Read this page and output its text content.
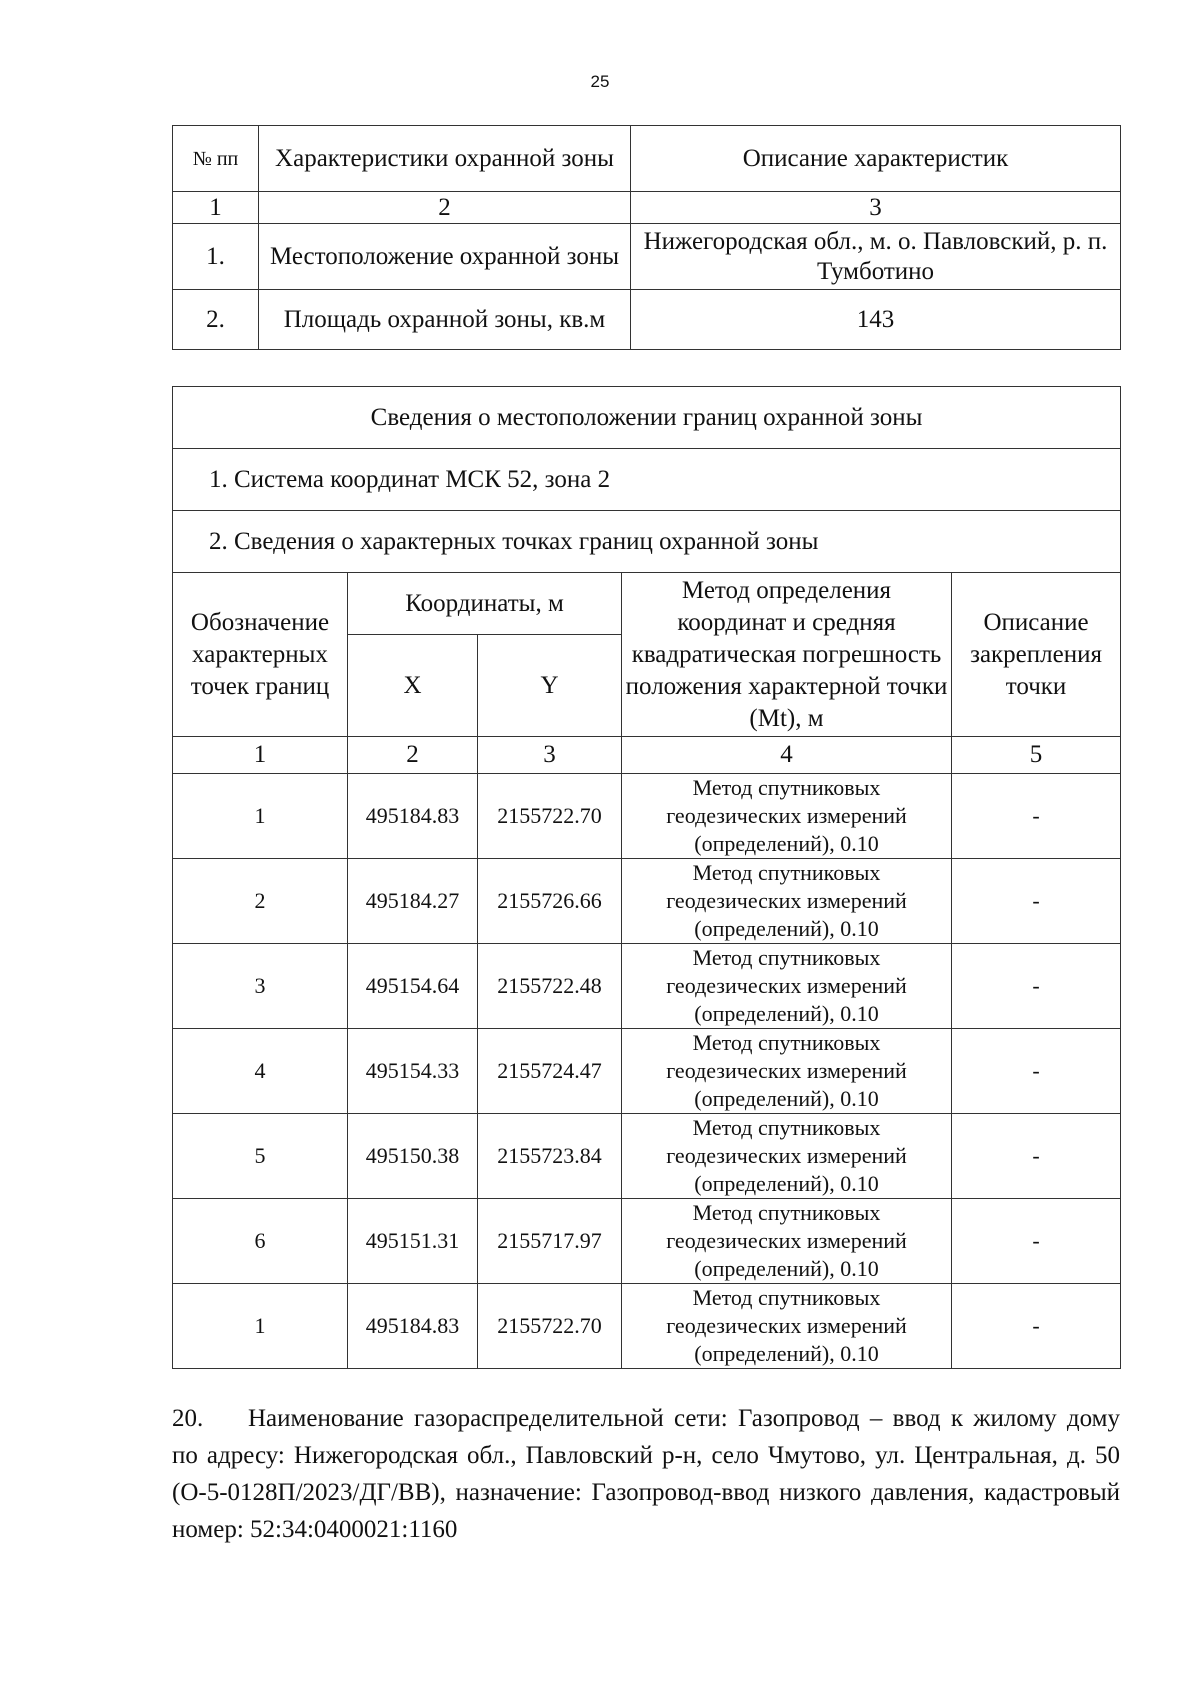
25
№ пп	Характеристики охранной зоны	Описание характеристик
1	2	3
1.	Местоположение охранной зоны	Нижегородская обл., м. о. Павловский, р. п. Тумботино
2.	Площадь охранной зоны, кв.м	143
Сведения о местоположении границ охранной зоны				
1. Система координат МСК 52, зона 2				
2. Сведения о характерных точках границ охранной зоны				
Обозначение характерных точек границ	Координаты, м		Метод определения координат и средняя квадратическая погрешность положения характерной точки (Mt), м	Описание закрепления точки
	X	Y		
1	2	3	4	5
1	495184.83	2155722.70	Метод спутниковых геодезических измерений (определений), 0.10	-
2	495184.27	2155726.66	Метод спутниковых геодезических измерений (определений), 0.10	-
3	495154.64	2155722.48	Метод спутниковых геодезических измерений (определений), 0.10	-
4	495154.33	2155724.47	Метод спутниковых геодезических измерений (определений), 0.10	-
5	495150.38	2155723.84	Метод спутниковых геодезических измерений (определений), 0.10	-
6	495151.31	2155717.97	Метод спутниковых геодезических измерений (определений), 0.10	-
1	495184.83	2155722.70	Метод спутниковых геодезических измерений (определений), 0.10	-
20. Наименование газораспределительной сети: Газопровод – ввод к жилому дому по адресу: Нижегородская обл., Павловский р-н, село Чмутово, ул. Центральная, д. 50 (О-5-0128П/2023/ДГ/ВВ), назначение: Газопровод-ввод низкого давления, кадастровый номер: 52:34:0400021:1160
